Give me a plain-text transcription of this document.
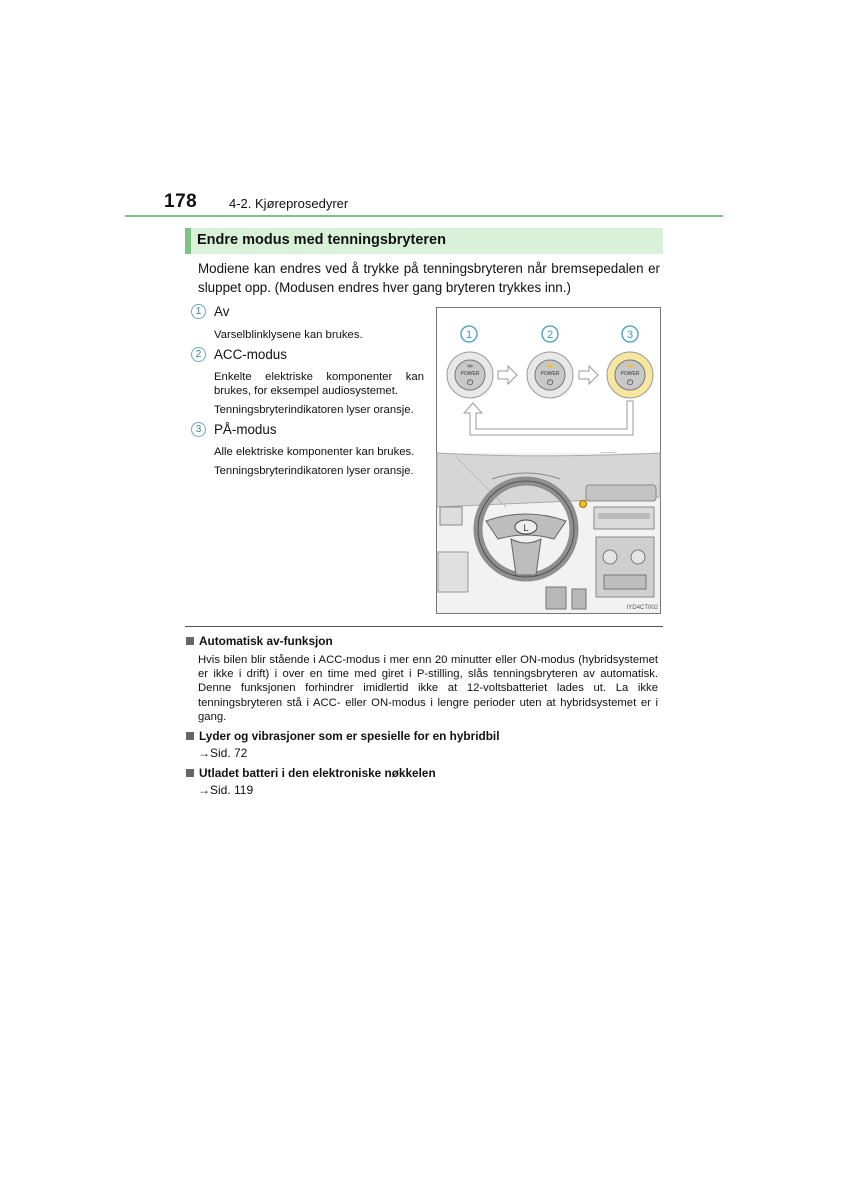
178 4-2. Kjøreprosedyrer
Endre modus med tenningsbryteren
Modiene kan endres ved å trykke på tenningsbryteren når bremsepedalen er sluppet opp. (Modusen endres hver gang bryteren trykkes inn.)
1 Av
Varselblinklysene kan brukes.
2 ACC-modus
Enkelte elektriske komponenter kan brukes, for eksempel audiosystemet.
Tenningsbryterindikatoren lyser oransje.
3 PÅ-modus
Alle elektriske komponenter kan brukes.
Tenningsbryterindikatoren lyser oransje.
1	2	3
POWER
⏻
POWER
⏻
POWER
⏻
L
IYD4CT002
Automatisk av-funksjon
Hvis bilen blir stående i ACC-modus i mer enn 20 minutter eller ON-modus (hybridsystemet er ikke i drift) i over en time med giret i P-stilling, slås tenningsbryteren av automatisk. Denne funksjonen forhindrer imidlertid ikke at 12-voltsbatteriet lades ut. La ikke tenningsbryteren stå i ACC- eller ON-modus i lengre perioder uten at hybridsystemet er i gang.
Lyder og vibrasjoner som er spesielle for en hybridbil
→Sid. 72
Utladet batteri i den elektroniske nøkkelen
→Sid. 119
